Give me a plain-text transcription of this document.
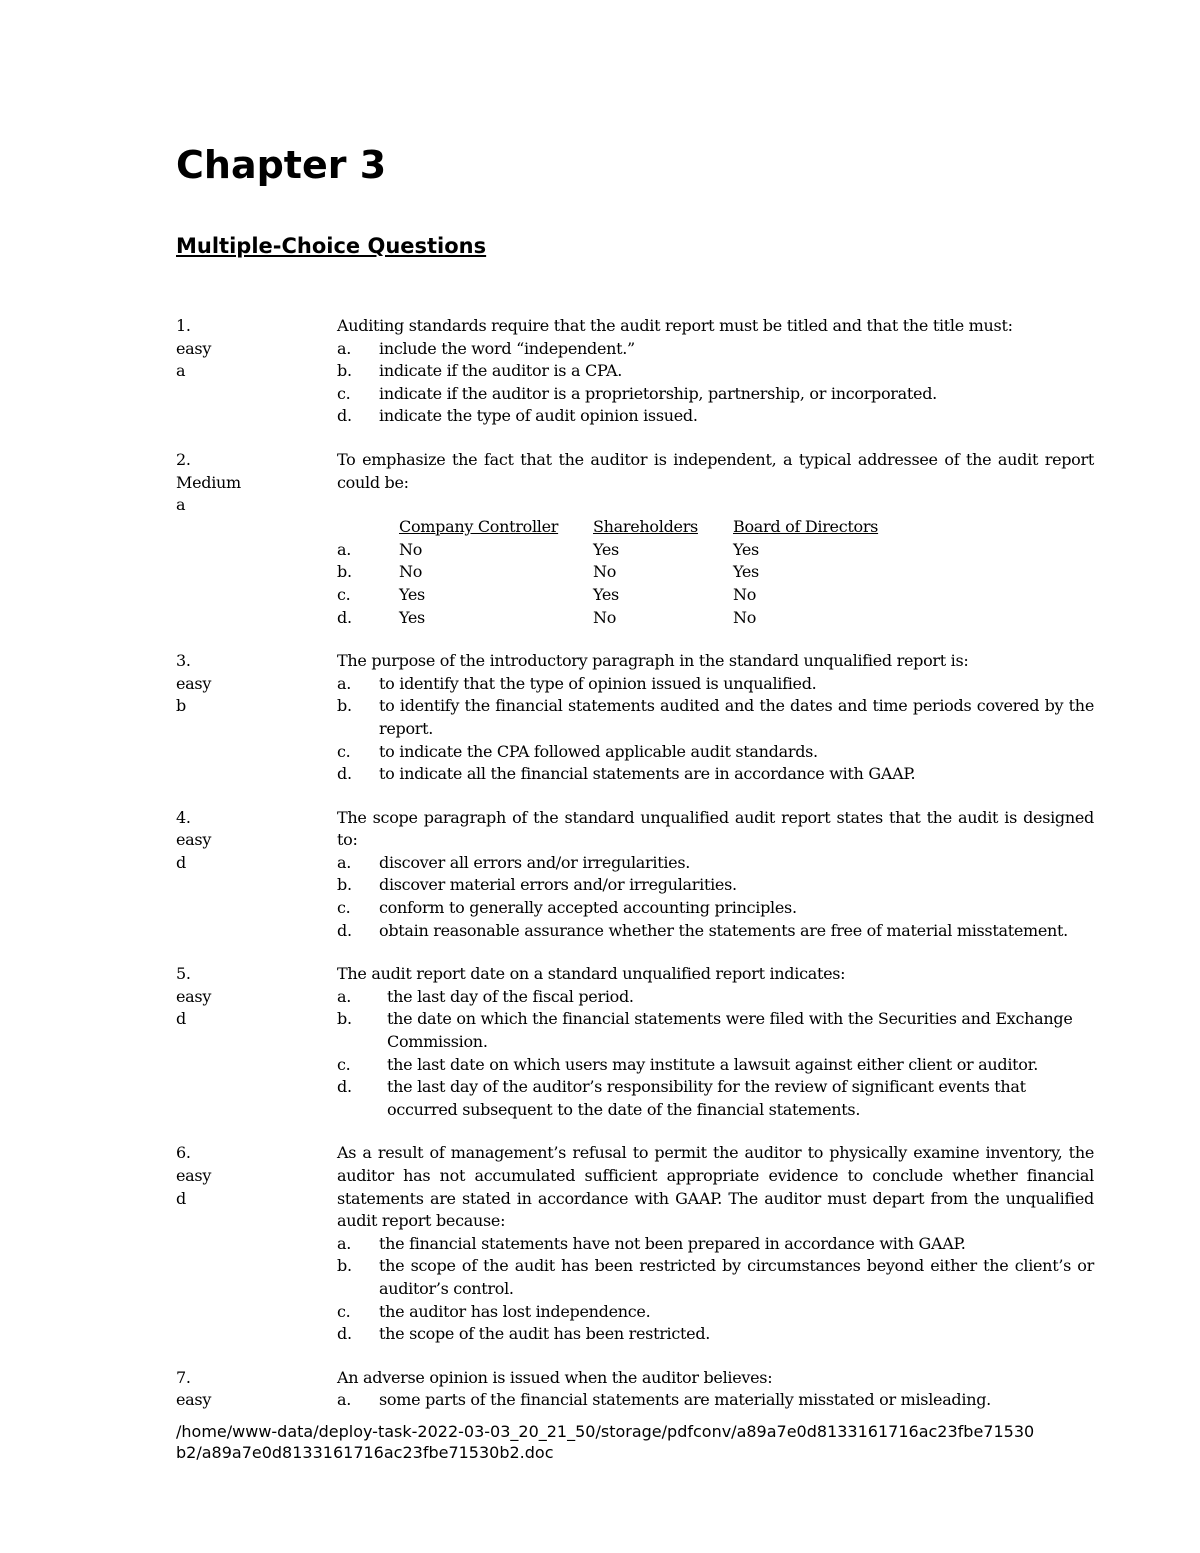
Chapter 3
Multiple-Choice Questions
1.
easy
a
Auditing standards require that the audit report must be titled and that the title must:
a.	include the word “independent.”
b.	indicate if the auditor is a CPA.
c.	indicate if the auditor is a proprietorship, partnership, or incorporated.
d.	indicate the type of audit opinion issued.
2.
Medium
a
To emphasize the fact that the auditor is independent, a typical addressee of the audit report could be:
Company Controller	Shareholders	Board of Directors
a.	No	Yes	Yes
b.	No	No	Yes
c.	Yes	Yes	No
d.	Yes	No	No
3.
easy
b
The purpose of the introductory paragraph in the standard unqualified report is:
a.	to identify that the type of opinion issued is unqualified.
b.	to identify the financial statements audited and the dates and time periods covered by the report.
c.	to indicate the CPA followed applicable audit standards.
d.	to indicate all the financial statements are in accordance with GAAP.
4.
easy
d
The scope paragraph of the standard unqualified audit report states that the audit is designed to:
a.	discover all errors and/or irregularities.
b.	discover material errors and/or irregularities.
c.	conform to generally accepted accounting principles.
d.	obtain reasonable assurance whether the statements are free of material misstatement.
5.
easy
d
The audit report date on a standard unqualified report indicates:
a.	the last day of the fiscal period.
b.	the date on which the financial statements were filed with the Securities and Exchange Commission.
c.	the last date on which users may institute a lawsuit against either client or auditor.
d.	the last day of the auditor’s responsibility for the review of significant events that occurred subsequent to the date of the financial statements.
6.
easy
d
As a result of management’s refusal to permit the auditor to physically examine inventory, the auditor has not accumulated sufficient appropriate evidence to conclude whether financial statements are stated in accordance with GAAP. The auditor must depart from the unqualified audit report because:
a.	the financial statements have not been prepared in accordance with GAAP.
b.	the scope of the audit has been restricted by circumstances beyond either the client’s or auditor’s control.
c.	the auditor has lost independence.
d.	the scope of the audit has been restricted.
7.
easy
An adverse opinion is issued when the auditor believes:
a.	some parts of the financial statements are materially misstated or misleading.
/home/www-data/deploy-task-2022-03-03_20_21_50/storage/pdfconv/a89a7e0d8133161716ac23fbe71530b2/a89a7e0d8133161716ac23fbe71530b2.doc
